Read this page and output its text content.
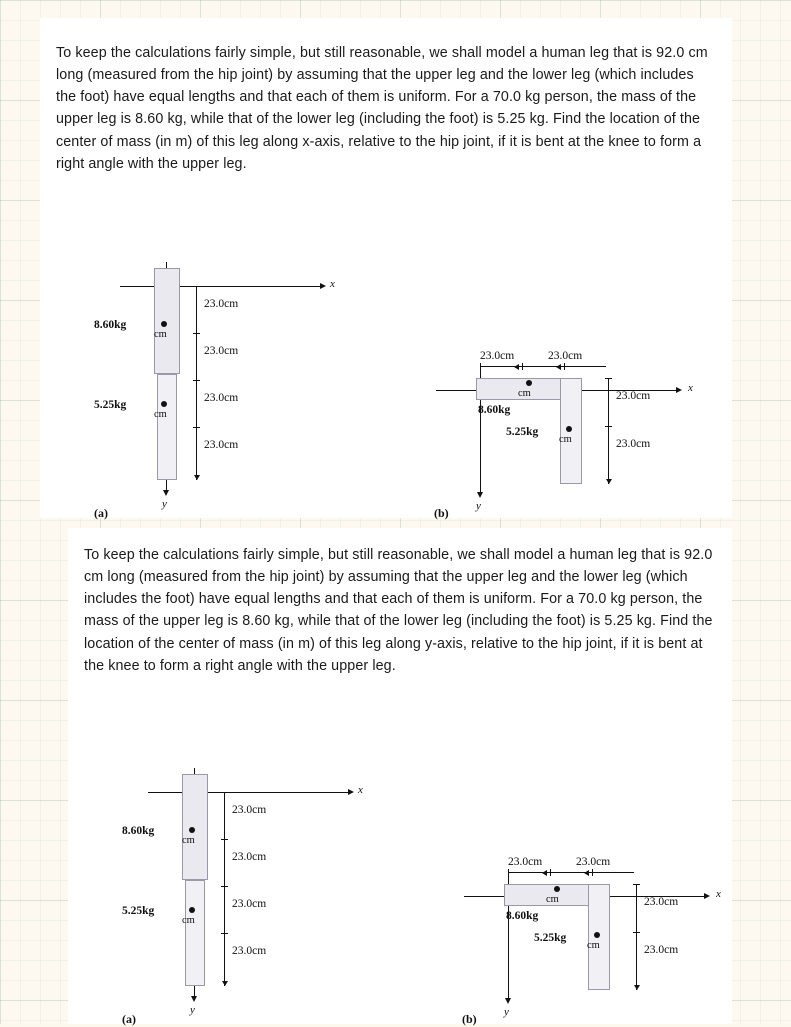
To keep the calculations fairly simple, but still reasonable, we shall model a human leg that is 92.0 cm long (measured from the hip joint) by assuming that the upper leg and the lower leg (which includes the foot) have equal lengths and that each of them is uniform. For a 70.0 kg person, the mass of the upper leg is 8.60 kg, while that of the lower leg (including the foot) is 5.25 kg. Find the location of the center of mass (in m) of this leg along x-axis, relative to the hip joint, if it is bent at the knee to form a right angle with the upper leg.
x
y
cm
cm
8.60kg
5.25kg
23.0cm
23.0cm
23.0cm
23.0cm
(a)
x
y
cm
cm
8.60kg
5.25kg
23.0cm	23.0cm
23.0cm
23.0cm
(b)
To keep the calculations fairly simple, but still reasonable, we shall model a human leg that is 92.0 cm long (measured from the hip joint) by assuming that the upper leg and the lower leg (which includes the foot) have equal lengths and that each of them is uniform. For a 70.0 kg person, the mass of the upper leg is 8.60 kg, while that of the lower leg (including the foot) is 5.25 kg. Find the location of the center of mass (in m) of this leg along y-axis, relative to the hip joint, if it is bent at the knee to form a right angle with the upper leg.
x
y
cm
cm
8.60kg
5.25kg
23.0cm
23.0cm
23.0cm
23.0cm
(a)
x
y
cm
cm
8.60kg
5.25kg
23.0cm	23.0cm
23.0cm
23.0cm
(b)
